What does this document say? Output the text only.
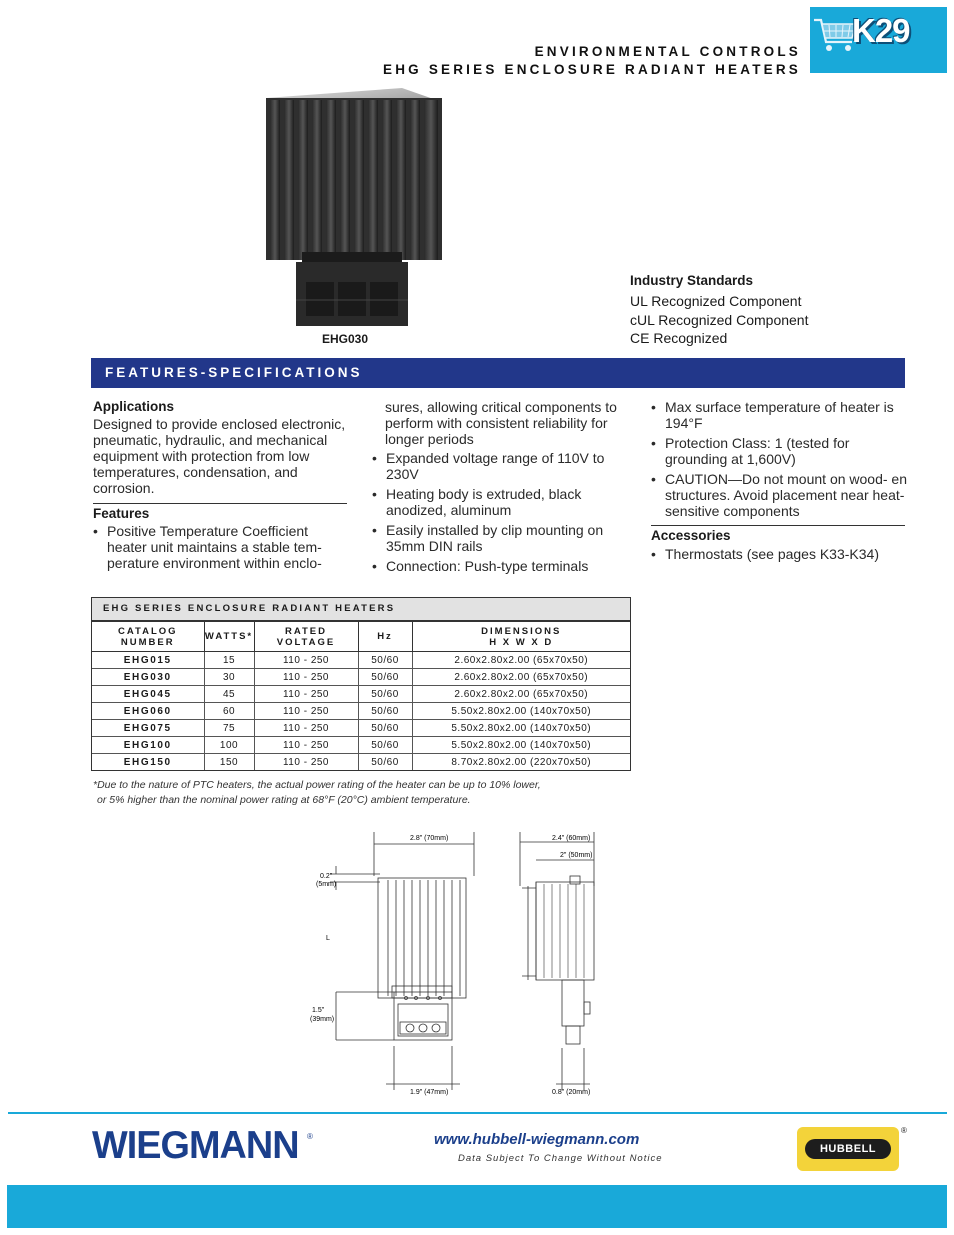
ENVIRONMENTAL CONTROLS
EHG SERIES ENCLOSURE RADIANT HEATERS
K29
EHG030
Industry Standards
UL Recognized Component
cUL Recognized Component
CE Recognized
FEATURES-SPECIFICATIONS
Applications
Designed to provide enclosed electronic, pneumatic, hydraulic, and mechanical equipment with protection from low temperatures, condensation, and corrosion.
Features
• Positive Temperature Coefficient heater unit maintains a stable tem- perature environment within enclo-
sures, allowing critical components to perform with consistent reliability for longer periods
• Expanded voltage range of 110V to 230V
• Heating body is extruded, black anodized, aluminum
• Easily installed by clip mounting on 35mm DIN rails
• Connection: Push-type terminals
• Max surface temperature of heater is 194°F
• Protection Class: 1 (tested for grounding at 1,600V)
• CAUTION—Do not mount on wood- en structures. Avoid placement near heat-sensitive components
Accessories
• Thermostats (see pages K33-K34)
EHG SERIES ENCLOSURE RADIANT HEATERS
CATALOG
NUMBER	WATTS*	RATED
VOLTAGE	Hz	DIMENSIONS
H X W X D
EHG015	15	110 - 250	50/60	2.60x2.80x2.00 (65x70x50)
EHG030	30	110 - 250	50/60	2.60x2.80x2.00 (65x70x50)
EHG045	45	110 - 250	50/60	2.60x2.80x2.00 (65x70x50)
EHG060	60	110 - 250	50/60	5.50x2.80x2.00 (140x70x50)
EHG075	75	110 - 250	50/60	5.50x2.80x2.00 (140x70x50)
EHG100	100	110 - 250	50/60	5.50x2.80x2.00 (140x70x50)
EHG150	150	110 - 250	50/60	8.70x2.80x2.00 (220x70x50)
*Due to the nature of PTC heaters, the actual power rating of the heater can be up to 10% lower,
or 5% higher than the nominal power rating at 68°F (20°C) ambient temperature.
2.8" (70mm)
0.2"
(5mm)
L
1.5"
(39mm)
1.9" (47mm)
2.4" (60mm)
2" (50mm)
0.8" (20mm)
WIEGMANN ®	www.hubbell-wiegmann.com
Data Subject To Change Without Notice
HUBBELL
®
